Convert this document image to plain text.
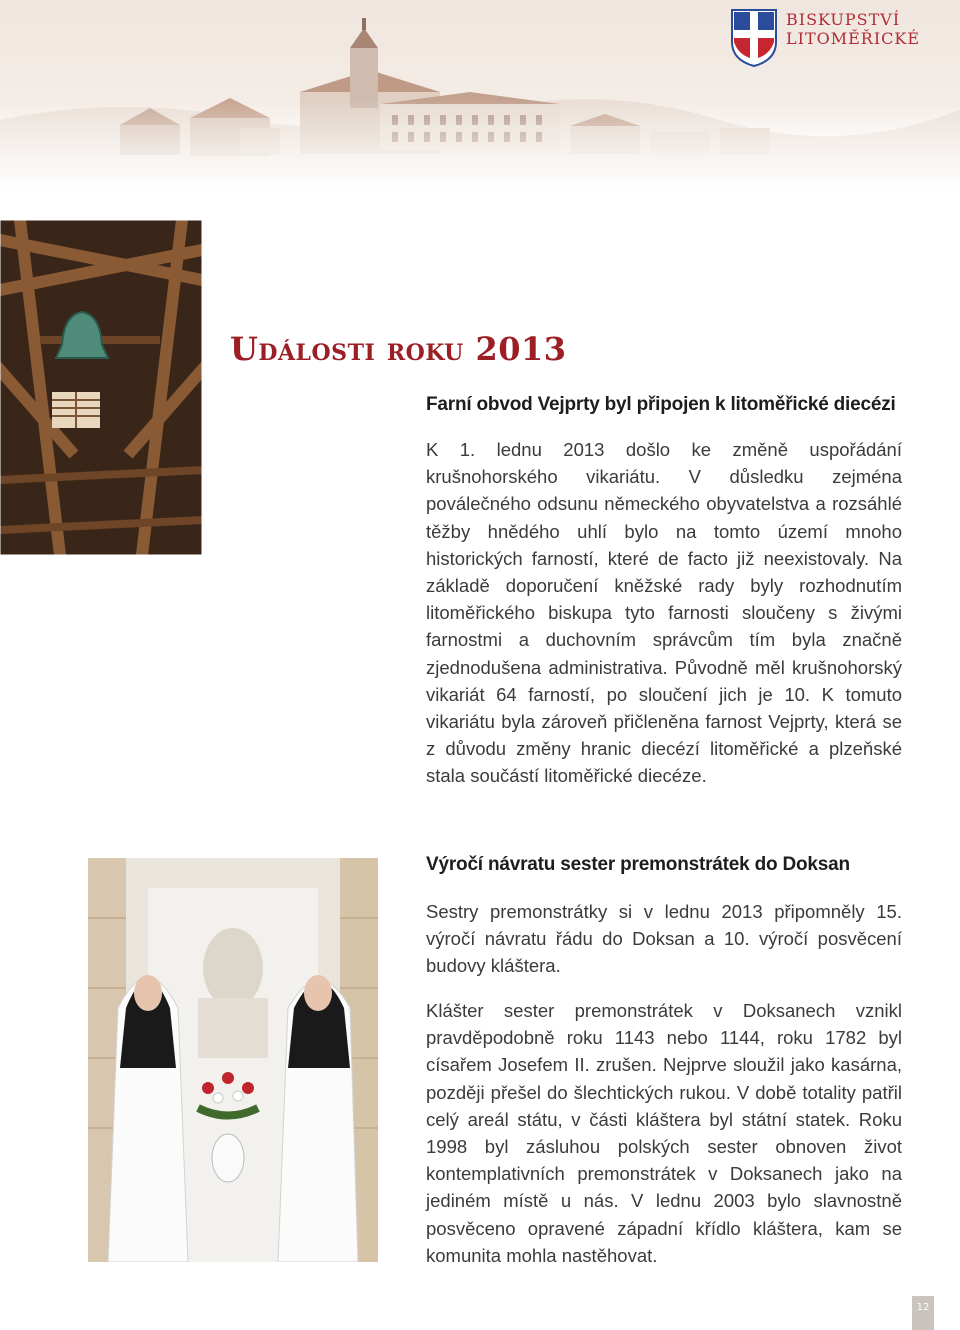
BISKUPSTVÍ
LITOMĚŘICKÉ
Události roku 2013
Farní obvod Vejprty byl připojen k litoměřické diecézi

K 1. lednu 2013 došlo ke změně uspořádání krušnohorského vikariátu. V důsledku zejména poválečného odsunu německého obyvatelstva a rozsáhlé těžby hnědého uhlí bylo na tomto území mnoho historických farností, které de facto již neexistovaly. Na základě doporučení kněžské rady byly rozhodnutím litoměřického biskupa tyto farnosti sloučeny s živými farnostmi a duchovním správcům tím byla značně zjednodušena administrativa. Původně měl krušnohorský vikariát 64 farností, po sloučení jich je 10. K tomuto vikariátu byla zároveň přičleněna farnost Vejprty, která se z důvodu změny hranic diecézí litoměřické a plzeňské stala součástí litoměřické diecéze.

Výročí návratu sester premonstrátek do Doksan

Sestry premonstrátky si v lednu 2013 připomněly 15. výročí návratu řádu do Doksan a 10. výročí posvěcení budovy kláštera.

Klášter sester premonstrátek v Doksanech vznikl pravděpodobně roku 1143 nebo 1144, roku 1782 byl císařem Josefem II. zrušen. Nejprve sloužil jako kasárna, později přešel do šlechtických rukou. V době totality patřil celý areál státu, v části kláštera byl státní statek. Roku 1998 byl zásluhou polských sester obnoven život kontemplativních premonstrátek v Doksanech jako na jediném místě u nás. V lednu 2003 bylo slavnostně posvěceno opravené západní křídlo kláštera, kam se komunita mohla nastěhovat.

12
